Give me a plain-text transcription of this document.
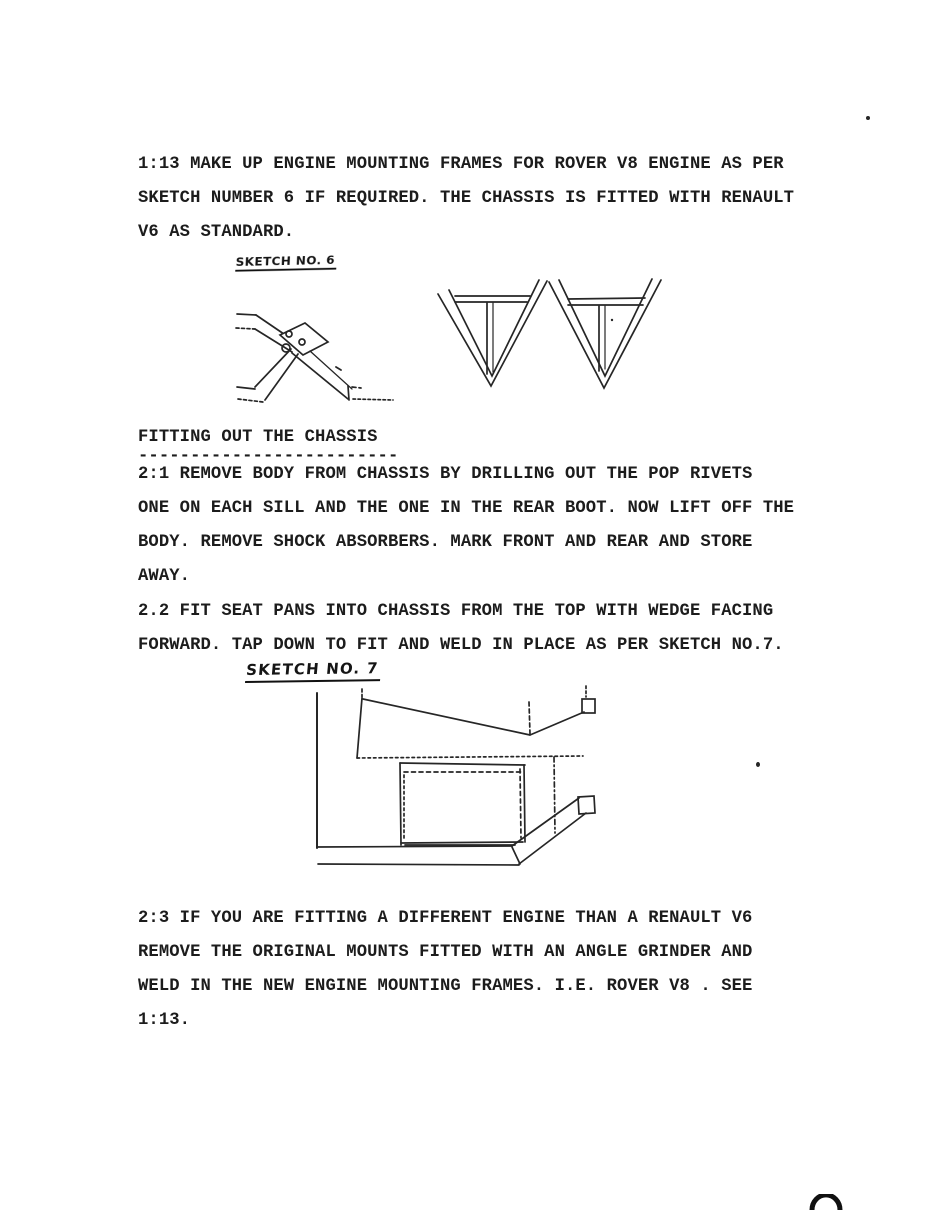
1:13 MAKE UP ENGINE MOUNTING FRAMES FOR ROVER V8 ENGINE AS PER
SKETCH NUMBER 6 IF REQUIRED. THE CHASSIS IS FITTED WITH RENAULT
V6 AS STANDARD.
SKETCH NO. 6
FITTING OUT THE CHASSIS
-------------------------
2:1 REMOVE BODY FROM CHASSIS BY DRILLING OUT THE POP RIVETS
ONE ON EACH SILL AND THE ONE IN THE REAR BOOT. NOW LIFT OFF THE
BODY. REMOVE SHOCK ABSORBERS. MARK FRONT AND REAR AND STORE
AWAY.
2.2 FIT SEAT PANS INTO CHASSIS FROM THE TOP WITH WEDGE FACING
FORWARD. TAP DOWN TO FIT AND WELD IN PLACE AS PER SKETCH NO.7.
SKETCH NO. 7
2:3 IF YOU ARE FITTING A DIFFERENT ENGINE THAN A RENAULT V6
REMOVE THE ORIGINAL MOUNTS FITTED WITH AN ANGLE GRINDER AND
WELD IN THE NEW ENGINE MOUNTING FRAMES. I.E. ROVER V8 . SEE
1:13.
